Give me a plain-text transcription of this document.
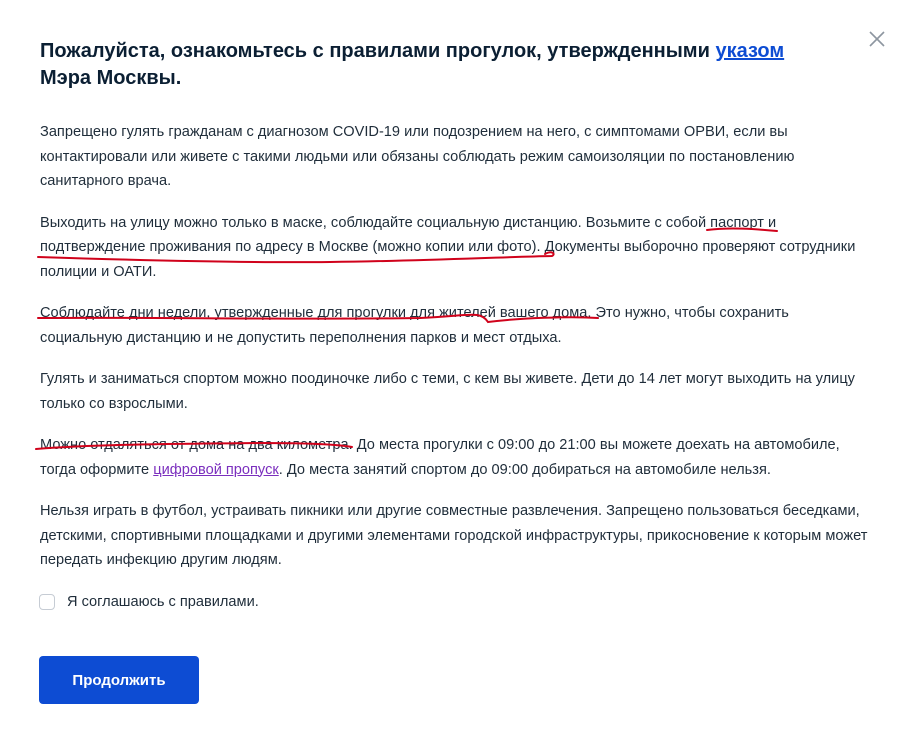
Пожалуйста, ознакомьтесь с правилами прогулок, утвержденными указом Мэра Москвы.

Запрещено гулять гражданам с диагнозом COVID-19 или подозрением на него, с симптомами ОРВИ, если вы контактировали или живете с такими людьми или обязаны соблюдать режим самоизоляции по постановлению санитарного врача.

Выходить на улицу можно только в маске, соблюдайте социальную дистанцию. Возьмите с собой паспорт и подтверждение проживания по адресу в Москве (можно копии или фото). Документы выборочно проверяют сотрудники полиции и ОАТИ.

Соблюдайте дни недели, утвержденные для прогулки для жителей вашего дома. Это нужно, чтобы сохранить социальную дистанцию и не допустить переполнения парков и мест отдыха.

Гулять и заниматься спортом можно поодиночке либо с теми, с кем вы живете. Дети до 14 лет могут выходить на улицу только со взрослыми.

Можно отдаляться от дома на два километра. До места прогулки с 09:00 до 21:00 вы можете доехать на автомобиле, тогда оформите цифровой пропуск. До места занятий спортом до 09:00 добираться на автомобиле нельзя.

Нельзя играть в футбол, устраивать пикники или другие совместные развлечения. Запрещено пользоваться беседками, детскими, спортивными площадками и другими элементами городской инфраструктуры, прикосновение к которым может передать инфекцию другим людям.

Я соглашаюсь с правилами.
Продолжить
